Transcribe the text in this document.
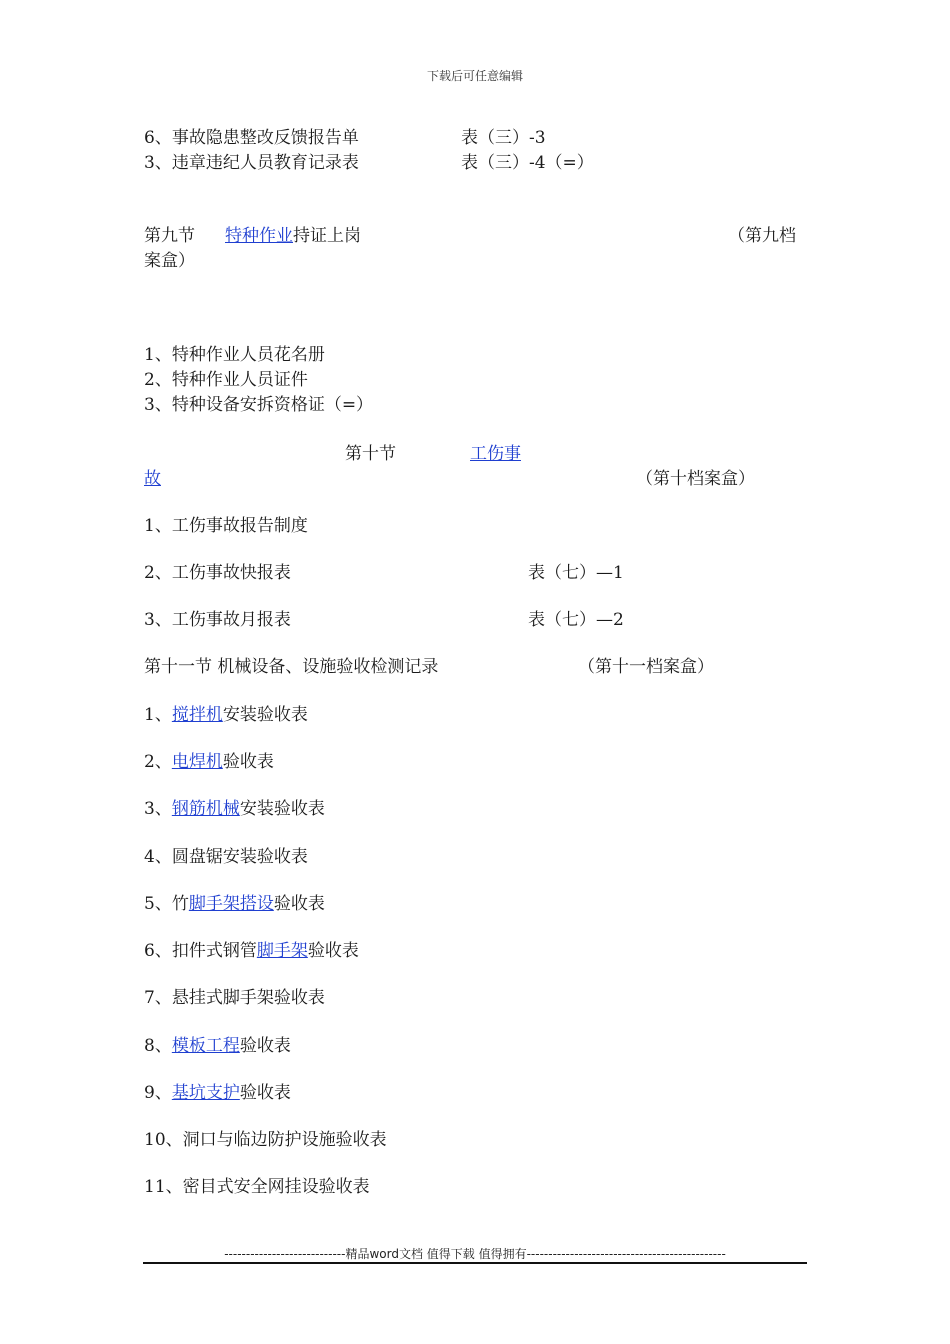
下载后可任意编辑
6、事故隐患整改反馈报告单	表（三）-3
3、违章违纪人员教育记录表	表（三）-4（=）
第九节 特种作业持证上岗	（第九档
案盒）
1、特种作业人员花名册
2、特种作业人员证件
3、特种设备安拆资格证（=）
第十节	工伤事
故	（第十档案盒）
1、工伤事故报告制度
2、工伤事故快报表	表（七）—1
3、工伤事故月报表	表（七）—2
第十一节 机械设备、设施验收检测记录	（第十一档案盒）
1、搅拌机安装验收表
2、电焊机验收表
3、钢筋机械安装验收表
4、圆盘锯安装验收表
5、竹脚手架搭设验收表
6、扣件式钢管脚手架验收表
7、悬挂式脚手架验收表
8、模板工程验收表
9、基坑支护验收表
10、洞口与临边防护设施验收表
11、密目式安全网挂设验收表
----------------------------精品word文档 值得下载 值得拥有----------------------------------------------
